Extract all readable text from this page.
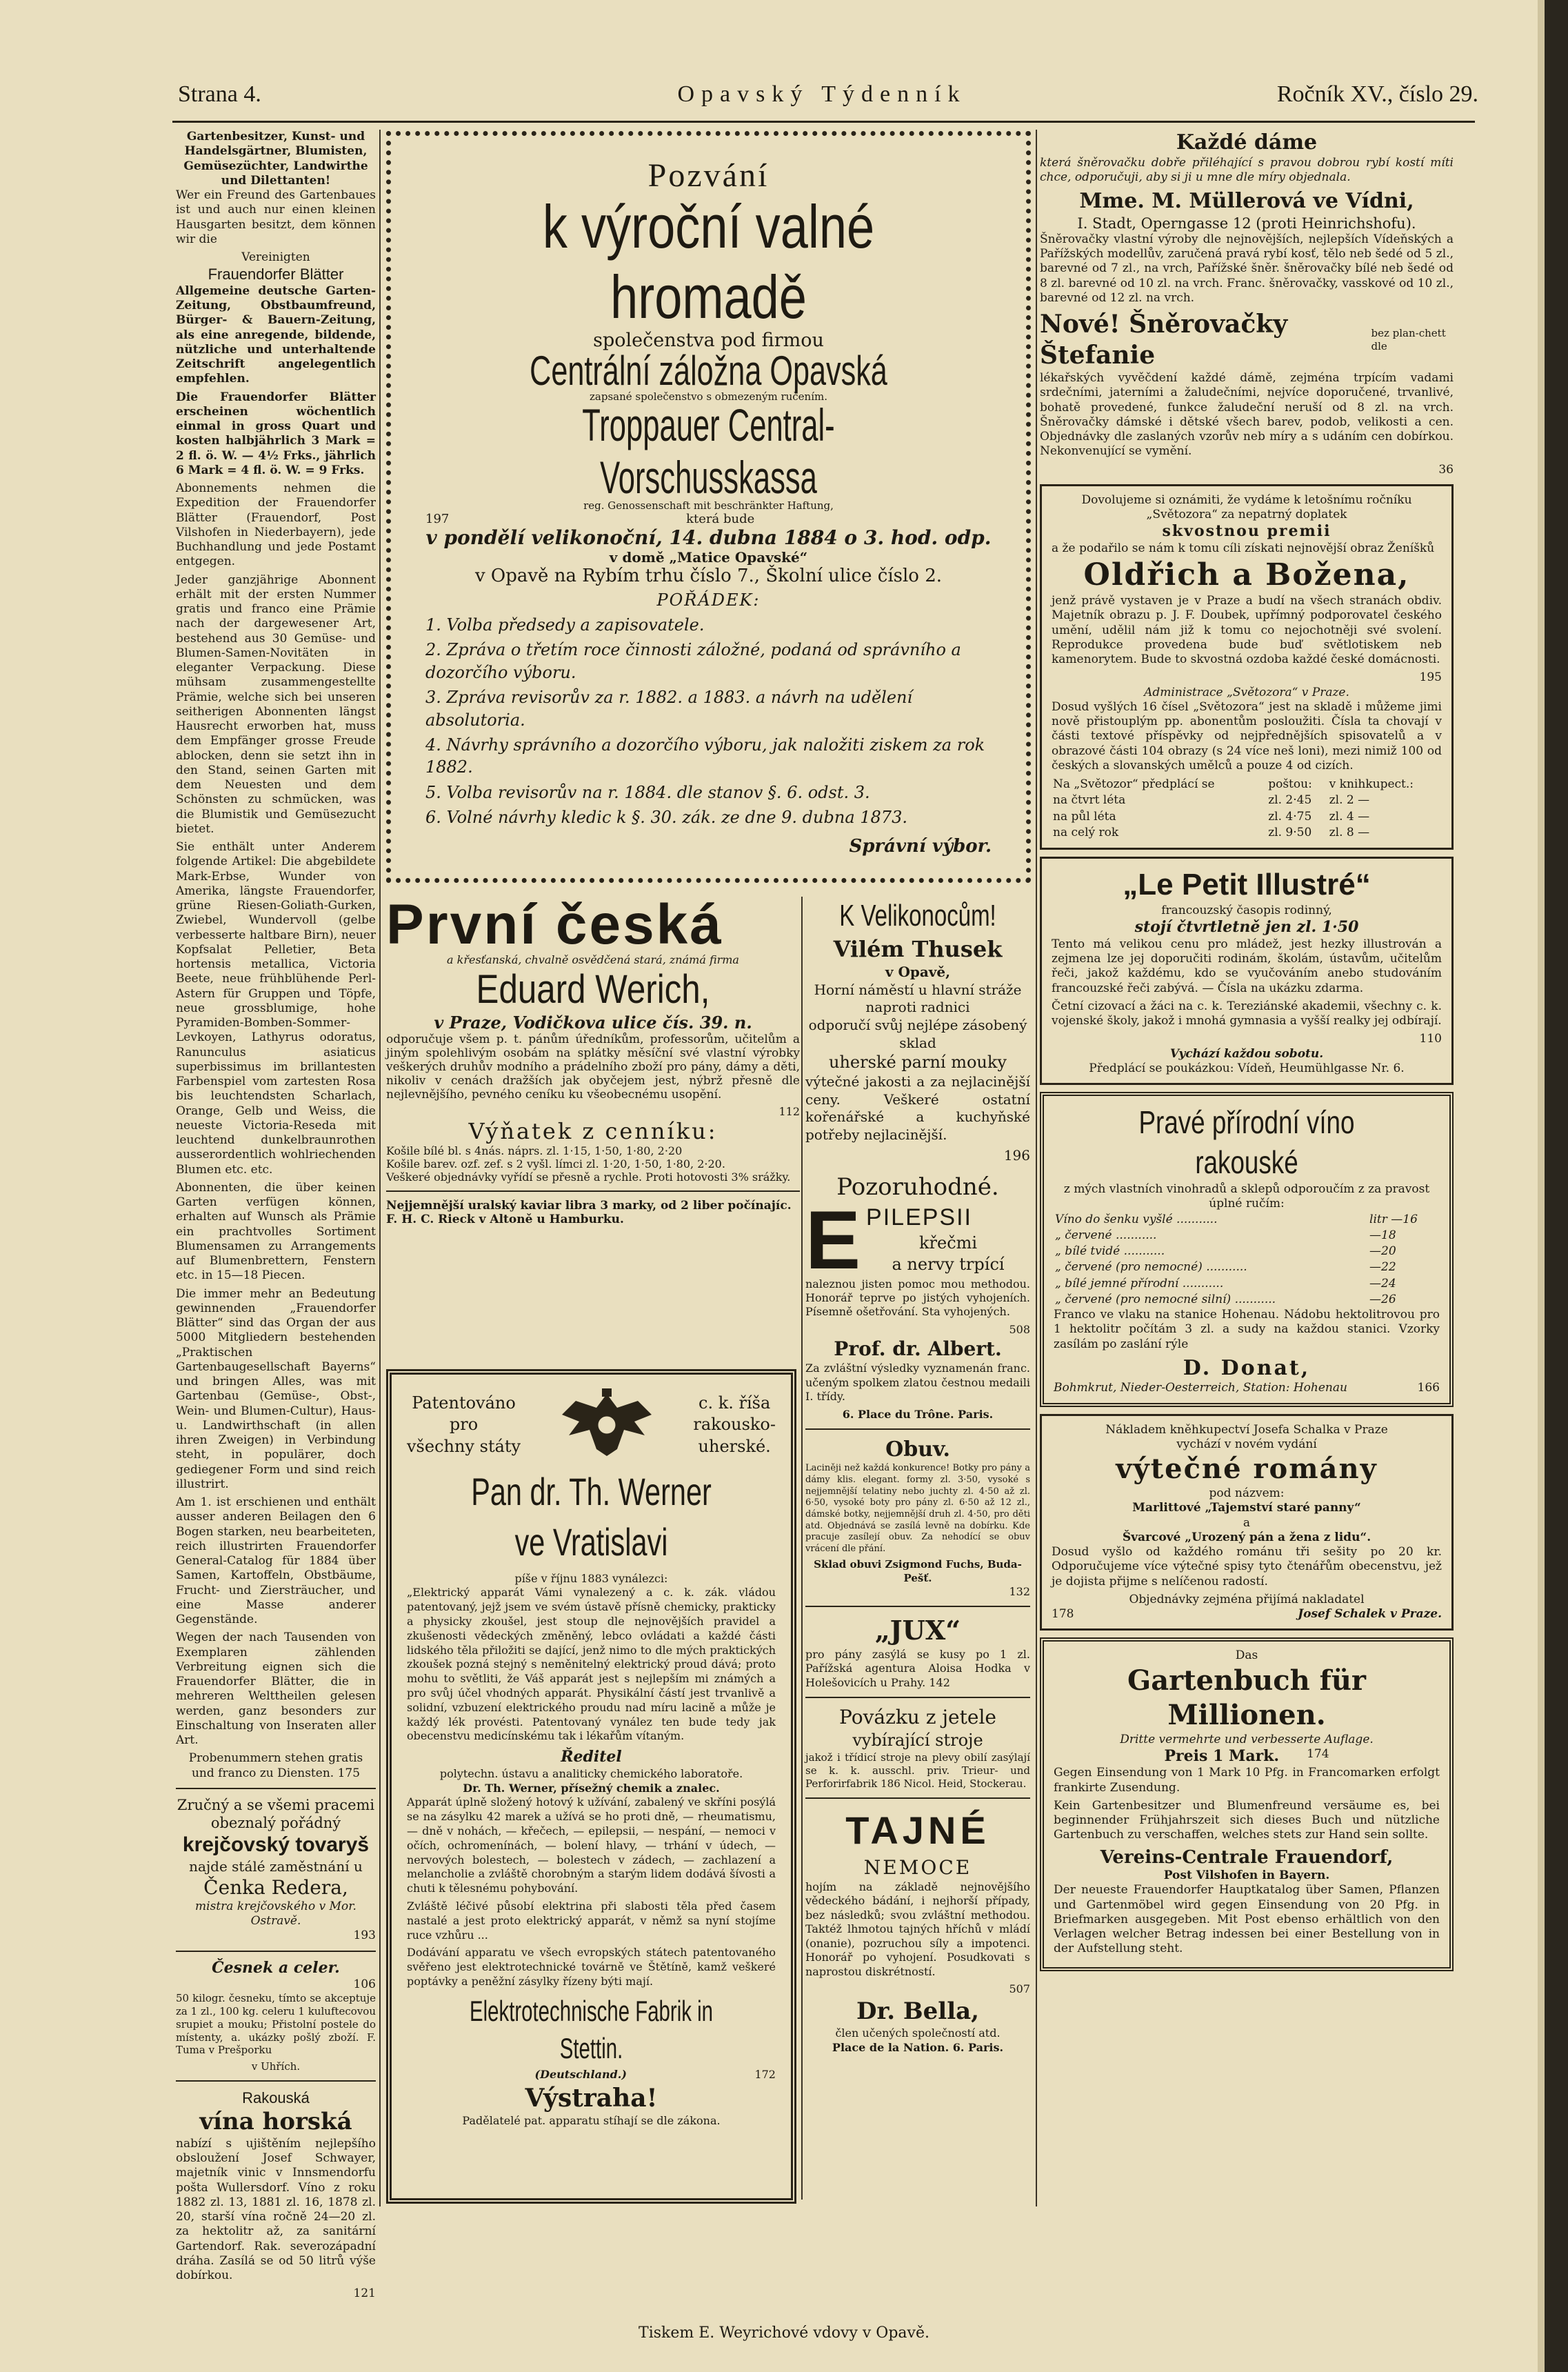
Strana 4.	Opavský Týdenník	Ročník XV., číslo 29.
Gartenbesitzer, Kunst- und Handelsgärtner, Blumisten, Gemüsezüchter, Landwirthe und Dilettanten!

Wer ein Freund des Gartenbaues ist und auch nur einen kleinen Hausgarten besitzt, dem können wir die

Vereinigten
Frauendorfer Blätter

Allgemeine deutsche Garten-Zeitung, Obstbaumfreund, Bürger- & Bauern-Zeitung, als eine anregende, bildende, nützliche und unterhaltende Zeitschrift angelegentlich empfehlen.

Die Frauendorfer Blätter erscheinen wöchentlich einmal in gross Quart und kosten halbjährlich 3 Mark = 2 fl. ö. W. — 4½ Frks., jährlich 6 Mark = 4 fl. ö. W. = 9 Frks.

Abonnements nehmen die Expedition der Frauendorfer Blätter (Frauendorf, Post Vilshofen in Niederbayern), jede Buchhandlung und jede Postamt entgegen.

Jeder ganzjährige Abonnent erhält mit der ersten Nummer gratis und franco eine Prämie nach der dargewesener Art, bestehend aus 30 Gemüse- und Blumen-Samen-Novitäten in eleganter Verpackung. Diese mühsam zusammengestellte Prämie, welche sich bei unseren seitherigen Abonnenten längst Hausrecht erworben hat, muss dem Empfänger grosse Freude ablocken, denn sie setzt ihn in den Stand, seinen Garten mit dem Neuesten und dem Schönsten zu schmücken, was die Blumistik und Gemüsezucht bietet.

Sie enthält unter Anderem folgende Artikel: Die abgebildete Mark-Erbse, Wunder von Amerika, längste Frauendorfer, grüne Riesen-Goliath-Gurken, Zwiebel, Wundervoll (gelbe verbesserte haltbare Birn), neuer Kopfsalat Pelletier, Beta hortensis metallica, Victoria Beete, neue frühblühende Perl-Astern für Gruppen und Töpfe, neue grossblumige, hohe Pyramiden-Bomben-Sommer-Levkoyen, Lathyrus odoratus, Ranunculus asiaticus superbissimus im brillantesten Farbenspiel vom zartesten Rosa bis leuchtendsten Scharlach, Orange, Gelb und Weiss, die neueste Victoria-Reseda mit leuchtend dunkelbraunrothen ausserordentlich wohlriechenden Blumen etc. etc.

Abonnenten, die über keinen Garten verfügen können, erhalten auf Wunsch als Prämie ein prachtvolles Sortiment Blumensamen zu Arrangements auf Blumenbrettern, Fenstern etc. in 15—18 Piecen.

Die immer mehr an Bedeutung gewinnenden „Frauendorfer Blätter“ sind das Organ der aus 5000 Mitgliedern bestehenden „Praktischen Gartenbaugesellschaft Bayerns“ und bringen Alles, was mit Gartenbau (Gemüse-, Obst-, Wein- und Blumen-Cultur), Haus- u. Landwirthschaft (in allen ihren Zweigen) in Verbindung steht, in populärer, doch gediegener Form und sind reich illustrirt.

Am 1. ist erschienen und enthält ausser anderen Beilagen den 6 Bogen starken, neu bearbeiteten, reich illustrirten Frauendorfer General-Catalog für 1884 über Samen, Kartoffeln, Obstbäume, Frucht- und Ziersträucher, und eine Masse anderer Gegenstände.

Wegen der nach Tausenden von Exemplaren zählenden Verbreitung eignen sich die Frauendorfer Blätter, die in mehreren Welttheilen gelesen werden, ganz besonders zur Einschaltung von Inseraten aller Art.

Probenummern stehen gratis und franco zu Diensten. 175

Zručný a se všemi pracemi obeznalý pořádný
krejčovský tovaryš
najde stálé zaměstnání u
Čenka Redera,
mistra krejčovského v Mor. Ostravě.
193
Česnek a celer.
106

50 kilogr. česneku, tímto se akceptuje za 1 zl., 100 kg. celeru 1 kuluftecovou srupiet a mouku; Přistolní postele do místenty, a. ukázky pošlý zboží. F. Tuma v Prešporku

v Uhřích.
Rakouská
vína horská

nabízí s ujištěním nejlepšího obsloužení Josef Schwayer, majetník vinic v Innsmendorfu pošta Wullersdorf. Víno z roku 1882 zl. 13, 1881 zl. 16, 1878 zl. 20, starší vína ročně 24—20 zl. za hektolitr až, za sanitární Gartendorf. Rak. severozápadní dráha. Zasílá se od 50 litrů výše dobírkou.

121
Pozvání
k výroční valné hromadě
společenstva pod firmou
Centrální záložna Opavská
zapsané společenstvo s obmezeným ručením.
Troppauer Central-Vorschusskassa
reg. Genossenschaft mit beschränkter Haftung,
197	která bude
v pondělí velikonoční, 14. dubna 1884 o 3. hod. odp.
v domě „Matice Opavské“
v Opavě na Rybím trhu číslo 7., Školní ulice číslo 2.
POŘÁDEK:
1. Volba předsedy a zapisovatele.
2. Zpráva o třetím roce činnosti záložné, podaná od správního a dozorčího výboru.
3. Zpráva revisorův za r. 1882. a 1883. a návrh na udělení absolutoria.
4. Návrhy správního a dozorčího výboru, jak naložiti ziskem za rok 1882.
5. Volba revisorův na r. 1884. dle stanov §. 6. odst. 3.
6. Volné návrhy kledic k §. 30. zák. ze dne 9. dubna 1873.
Správní výbor.
První česká
a křesťanská, chvalně osvědčená stará, známá firma
Eduard Werich,
v Praze, Vodičkova ulice čís. 39. n.

odporučuje všem p. t. pánům úředníkům, professorům, učitelům a jiným spolehlivým osobám na splátky měsíční své vlastní výrobky veškerých druhův modního a prádelního zboží pro pány, dámy a děti, nikoliv v cenách dražších jak obyčejem jest, nýbrž přesně dle nejlevnějšího, pevného ceníku ku všeobecnému usopění.

112
Výňatek z cenníku:
Košile bílé bl. s 4nás. náprs. zl. 1·15, 1·50, 1·80, 2·20
Košile barev. ozf. zef. s 2 vyšl. límci zl. 1·20, 1·50, 1·80, 2·20.
Veškeré objednávky vyřídí se přesně a rychle. Proti hotovosti 3% srážky.
Nejjemnější uralský kaviar libra 3 marky, od 2 liber počínajíc. F. H. C. Rieck v Altoně u Hamburku.
K Velikonocům!
Vilém Thusek
v Opavě,
Horní náměstí u hlavní stráže naproti radnici
odporučí svůj nejlépe zásobený sklad
uherské parní mouky

výtečné jakosti a za nejlacinější ceny. Veškeré ostatní kořenářské a kuchyňské potřeby nejlacinější.

196
Pozoruhodné.
E PILEPSII
křečmi
a nervy trpící

naleznou jisten pomoc mou methodou. Honorář teprve po jistých vyhojeních. Písemně ošetřování. Sta vyhojených.

508
Prof. dr. Albert.

Za zvláštní výsledky vyznamenán franc. učeným spolkem zlatou čestnou medaili I. třídy.

6. Place du Trône. Paris.
Obuv.

Laciněji než každá konkurence! Botky pro pány a dámy klis. elegant. formy zl. 3·50, vysoké s nejjemnější telatiny nebo juchty zl. 4·50 až zl. 6·50, vysoké boty pro pány zl. 6·50 až 12 zl., dámské botky, nejjemnější druh zl. 4·50, pro děti atd. Objednává se zasílá levně na dobírku. Kde pracuje zasílejí obuv. Za nehodící se obuv vrácení dle přání.

Sklad obuvi Zsigmond Fuchs, Buda-Pešť.
132
„JUX“

pro pány zasýlá se kusy po 1 zl. Pařížská agentura Aloisa Hodka v Holešovicích u Prahy. 142

Povázku z jetele
vybírající stroje

jakož i třídicí stroje na plevy obilí zasýlají se k. k. ausschl. priv. Trieur- und Perforirfabrik 186 Nicol. Heid, Stockerau.

TAJNÉ
NEMOCE

hojím na základě nejnovějšího vědeckého bádání, i nejhorší případy, bez následků; svou zvláštní methodou. Taktéž lhmotou tajných hříchů v mládí (onanie), pozruchou síly a impotenci. Honorář po vyhojení. Posudkovati s naprostou diskrétností.

507
Dr. Bella,
člen učených společností atd.
Place de la Nation. 6. Paris.
Patentováno
pro
všechny státy
c. k. říša
rakousko-
uherské.
Pan dr. Th. Werner ve Vratislavi
píše v říjnu 1883 vynálezci:

„Elektrický apparát Vámi vynalezený a c. k. zák. vládou patentovaný, jejž jsem ve svém ústavě přísně chemicky, prakticky a physicky zkoušel, jest stoup dle nejnovějších pravidel a zkušenosti vědeckých změněný, lebco ovládati a každé části lidského těla přiložiti se dající, jenž nimo to dle mých praktických zkoušek pozná stejný s neměnitelný elektrický proud dává; proto mohu to světliti, že Váš apparát jest s nejlepším mi známých a pro svůj účel vhodných apparát. Physikální částí jest trvanlivě a solidní, vzbuzení elektrického proudu nad míru lacině a může je každý lék provésti. Patentovaný vynález ten bude tedy jak obecenstvu medicínskému tak i lékařům vítaným.

Ředitel
polytechn. ústavu a analiticky chemického laboratoře.
Dr. Th. Werner, přísežný chemik a znalec.

Apparát úplně složený hotový k užívání, zabalený ve skříni posýlá se na zásylku 42 marek a užívá se ho proti dně, — rheumatismu, — dně v nohách, — křečech, — epilepsii, — nespání, — nemoci v očích, ochromenínách, — bolení hlavy, — trhání v údech, — nervových bolestech, — bolestech v zádech, — zachlazení a melancholie a zvláště chorobným a starým lidem dodává šívosti a chuti k tělesnému pohybování.

Zvláště léčivé působí elektrina při slabosti těla před časem nastalé a jest proto elektrický apparát, v němž sa nyní stojíme ruce vzhůru ...

Dodávání apparatu ve všech evropských státech patentovaného svěřeno jest elektrotechnické továrně ve Štětíně, kamž veškeré poptávky a peněžní zásylky řízeny býti mají.

Elektrotechnische Fabrik in Stettin.
(Deutschland.)	172
Výstraha!
Padělatelé pat. apparatu stíhají se dle zákona.
Každé dáme

která šněrovačku dobře přiléhající s pravou dobrou rybí kostí míti chce, odporučuji, aby si ji u mne dle míry objednala.

Mme. M. Müllerová ve Vídni,
I. Stadt, Operngasse 12 (proti Heinrichshofu).

Šněrovačky vlastní výroby dle nejnovějších, nejlepších Vídeňských a Pařížských modellův, zaručená pravá rybí kosť, tělo neb šedé od 5 zl., barevné od 7 zl., na vrch, Pařížské šněr. šněrovačky bílé neb šedé od 8 zl. barevné od 10 zl. na vrch. Franc. šněrovačky, vasskové od 10 zl., barevné od 12 zl. na vrch.

Nové! Šněrovačky Štefanie
bez plan-chett dle

lékařských vyvěčdení každé dámě, zejména trpícím vadami srdečními, jaterními a žaludečními, nejvíce doporučené, trvanlivé, bohatě provedené, funkce žaludeční neruší od 8 zl. na vrch. Šněrovačky dámské i dětské všech barev, podob, velikosti a cen. Objednávky dle zaslaných vzorův neb míry a s udáním cen dobírkou. Nekonvenující se vymění.

36
Dovolujeme si oznámiti, že vydáme k letošnímu ročníku „Světozora“ za nepatrný doplatek
skvostnou premii
a že podařilo se nám k tomu cíli získati nejnovější obraz Ženíšků
Oldřich a Božena,

jenž právě vystaven je v Praze a budí na všech stranách obdiv. Majetník obrazu p. J. F. Doubek, upřímný podporovatel českého umění, udělil nám již k tomu co nejochotněji své svolení. Reprodukce provedena bude buď světlotiskem neb kamenorytem. Bude to skvostná ozdoba každé české domácnosti.

195
Administrace „Světozora“ v Praze.

Dosud vyšlých 16 čísel „Světozora“ jest na skladě i můžeme jimi nově přistouplým pp. abonentům posloužiti. Čísla ta chovají v části textové příspěvky od nejpřednějších spisovatelů a v obrazové části 104 obrazy (s 24 více neš loni), mezi nimiž 100 od českých a slovanských umělců a pouze 4 od cizích.

Na „Světozor“ předplácí se	poštou:	v knihkupect.:
na čtvrt léta	zl. 2·45	zl. 2 —
na půl léta	zl. 4·75	zl. 4 —
na celý rok	zl. 9·50	zl. 8 —
„Le Petit Illustré“
francouzský časopis rodinný,
stojí čtvrtletně jen zl. 1·50

Tento má velikou cenu pro mládež, jest hezky illustrován a zejmena lze jej doporučiti rodinám, školám, ústavům, učitelům řeči, jakož každému, kdo se vyučováním anebo studováním francouzské řeči zabývá. — Čísla na ukázku zdarma.

Četní cizovací a žáci na c. k. Tereziánské akademii, všechny c. k. vojenské školy, jakož i mnohá gymnasia a vyšší realky jej odbírají.

110
Vychází každou sobotu.
Předplácí se poukázkou: Vídeň, Heumühlgasse Nr. 6.
Pravé přírodní víno rakouské
z mých vlastních vinohradů a sklepů odporoučím z za pravost úplné ručím:
Víno do šenku vyšlé ...........	litr —16
„ červené ...........	—18
„ bílé tvidé ...........	—20
„ červené (pro nemocné) ...........	—22
„ bílé jemné přírodní ...........	—24
„ červené (pro nemocné silní) ...........	—26

Franco ve vlaku na stanice Hohenau. Nádobu hektolitrovou pro 1 hektolitr počítám 3 zl. a sudy na každou stanici. Vzorky zasílám po zaslání rýle

D. Donat,
Bohmkrut, Nieder-Oesterreich, Station: Hohenau	166
Nákladem kněhkupectví Josefa Schalka v Praze
vychází v novém vydání
výtečné romány
pod názvem:
Marlittové „Tajemství staré panny“
a
Švarcové „Urozený pán a žena z lidu“.

Dosud vyšlo od každého románu tři sešity po 20 kr. Odporučujeme více výtečné spisy tyto čtenářům obecenstvu, jež je dojista přijme s nelíčenou radostí.

Objednávky zejména přijímá nakladatel
178	Josef Schalek v Praze.
Das
Gartenbuch für Millionen.
Dritte vermehrte und verbesserte Auflage.
Preis 1 Mark. 174

Gegen Einsendung von 1 Mark 10 Pfg. in Francomarken erfolgt frankirte Zusendung.

Kein Gartenbesitzer und Blumenfreund versäume es, bei beginnender Frühjahrszeit sich dieses Buch und nützliche Gartenbuch zu verschaffen, welches stets zur Hand sein sollte.

Vereins-Centrale Frauendorf,
Post Vilshofen in Bayern.

Der neueste Frauendorfer Hauptkatalog über Samen, Pflanzen und Gartenmöbel wird gegen Einsendung von 20 Pfg. in Briefmarken ausgegeben. Mit Post ebenso erhältlich von den Verlagen welcher Betrag indessen bei einer Bestellung von in der Aufstellung steht.

Tiskem E. Weyrichové vdovy v Opavě.
